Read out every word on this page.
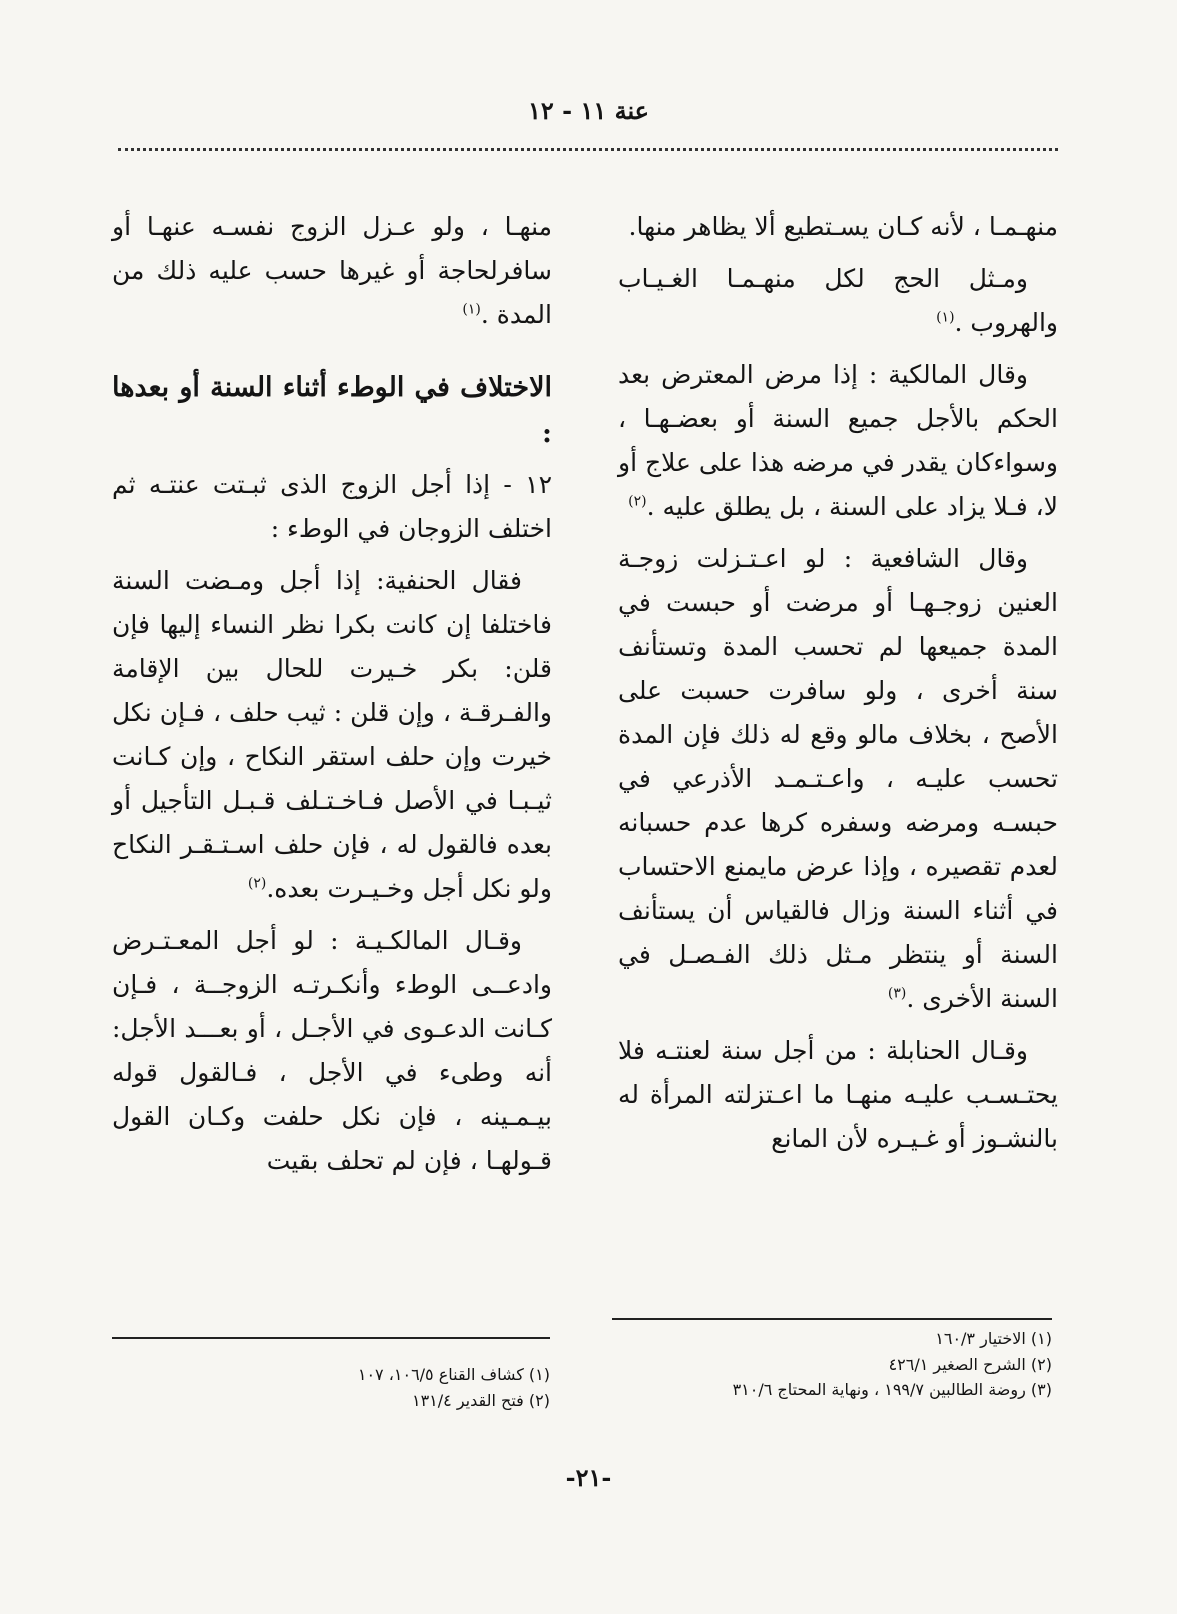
عنة ١١ - ١٢

منهـمـا ، لأنه كـان يسـتطيع ألا يظاهر منها.

ومـثل الحج لكل منهـمـا الغـيـاب والهروب .$^{(١)}$

وقال المالكية : إذا مرض المعترض بعد الحكم بالأجل جميع السنة أو بعضـهـا ، وسواءكان يقدر في مرضه هذا على علاج أو لا، فـلا يزاد على السنة ، بل يطلق عليه .$^{(٢)}$

وقال الشافعية : لو اعـتـزلت زوجـة العنين زوجـهـا أو مرضت أو حبست في المدة جميعها لم تحسب المدة وتستأنف سنة أخرى ، ولو سافرت حسبت على الأصح ، بخلاف مالو وقع له ذلك فإن المدة تحسب عليـه ، واعـتـمـد الأذرعي في حبسـه ومرضه وسفره كرها عدم حسبانه لعدم تقصيره ، وإذا عرض مايمنع الاحتساب في أثناء السنة وزال فالقياس أن يستأنف السنة أو ينتظر مـثل ذلك الفـصـل في السنة الأخرى .$^{(٣)}$

وقـال الحنابلة : من أجل سنة لعنتـه فلا يحتـسـب عليـه منهـا ما اعـتزلته المرأة له بالنشـوز أو غـيـره لأن المانع

منهـا ، ولو عـزل الزوج نفسـه عنهـا أو سافرلحاجة أو غيرها حسب عليه ذلك من المدة .$^{(١)}$

الاختلاف في الوطء أثناء السنة أو بعدها :

١٢ - إذا أجل الزوج الذى ثبـتت عنتـه ثم اختلف الزوجان في الوطء :

فقال الحنفية: إذا أجل ومـضت السنة فاختلفا إن كانت بكرا نظر النساء إليها فإن قلن: بكر خـيرت للحال بين الإقامة والفـرقـة ، وإن قلن : ثيب حلف ، فـإن نكل خيرت وإن حلف استقر النكاح ، وإن كـانت ثيـبـا في الأصل فـاخـتـلف قـبـل التأجيل أو بعده فالقول له ، فإن حلف اسـتـقـر النكاح ولو نكل أجل وخـيـرت بعده.$^{(٢)}$

وقـال المالكـيـة : لو أجل المعـتـرض وادعــى الوطء وأنكـرتـه الزوجــة ، فـإن كـانت الدعـوى في الأجـل ، أو بعـــد الأجل: أنه وطىء في الأجل ، فـالقول قوله بيـمـينه ، فإن نكل حلفت وكـان القول قـولهـا ، فإن لم تحلف بقيت

(١) الاختيار ١٦٠/٣
(٢) الشرح الصغير ٤٢٦/١
(٣) روضة الطالبين ١٩٩/٧ ، ونهاية المحتاج ٣١٠/٦
(١) كشاف القناع ١٠٦/٥، ١٠٧
(٢) فتح القدير ١٣١/٤
-٢١-
